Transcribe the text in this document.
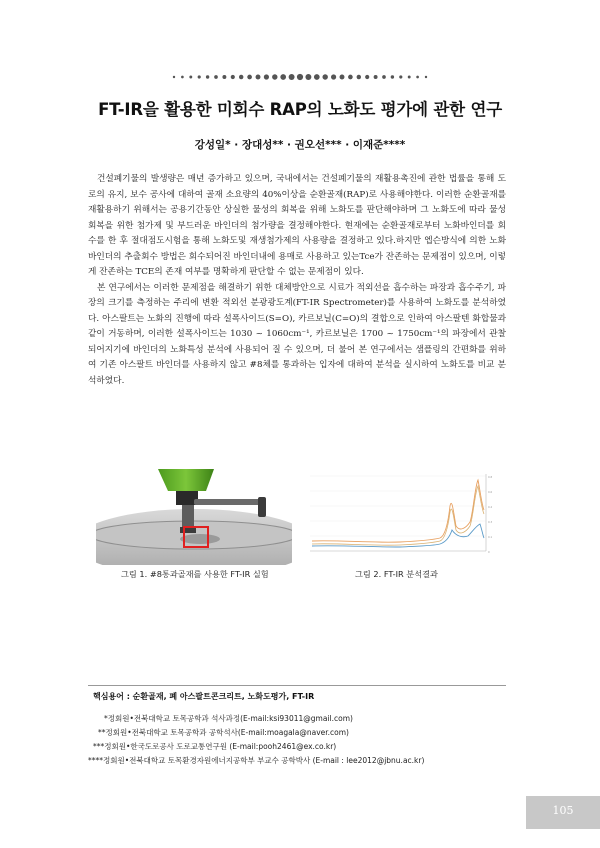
FT-IR을 활용한 미회수 RAP의 노화도 평가에 관한 연구
강성일* · 장대성** · 권오선*** · 이재준****

건설폐기물의 발생량은 매년 증가하고 있으며, 국내에서는 건설폐기물의 재활용촉진에 관한 법률을 통해 도로의 유지, 보수 공사에 대하여 골재 소요량의 40%이상을 순환골재(RAP)로 사용해야한다. 이러한 순환골재를 재활용하기 위해서는 공용기간동안 상실한 물성의 회복을 위해 노화도를 판단해야하며 그 노화도에 따라 물성회복을 위한 첨가제 및 부드러운 바인더의 첨가량을 결정해야한다. 현재에는 순환골재로부터 노화바인더를 회수를 한 후 절대점도시험을 통해 노화도및 재생첨가제의 사용량을 결정하고 있다.하지만 엡슨방식에 의한 노화 바인더의 추출회수 방법은 회수되어진 바인더내에 용매로 사용하고 있는Tce가 잔존하는 문제점이 있으며, 이렇게 잔존하는 TCE의 존재 여부를 명확하게 판단할 수 없는 문제점이 있다.

본 연구에서는 이러한 문제점을 해결하기 위한 대체방안으로 시료가 적외선을 흡수하는 파장과 흡수주기, 파장의 크기를 측정하는 주리에 변환 적외선 분광광도계(FT-IR Spectrometer)를 사용하여 노화도를 분석하였다. 아스팔트는 노화의 진행에 따라 설폭사이드(S=O), 카르보닐(C=O)의 결합으로 인하여 아스팔텐 화합물과 같이 거동하며, 이러한 설폭사이드는 1030 ~ 1060cm⁻¹, 카르보닐은 1700 ~ 1750cm⁻¹의 파장에서 관찰되어지기에 바인더의 노화특성 분석에 사용되어 질 수 있으며, 더 불어 본 연구에서는 샘플링의 간편화를 위하여 기존 아스팔트 바인더를 사용하지 않고 #8체를 통과하는 입자에 대하여 분석을 실시하여 노화도를 비교 분석하였다.

0.8
0.6
0.4
0.3
0.1
0
그림 1. #8통과골재를 사용한 FT-IR 실험	그림 2. FT-IR 분석결과
핵심용어 : 순환골재, 폐 아스팔트콘크리트, 노화도평가, FT-IR
*정회원•전북대학교 토목공학과 석사과정(E-mail:ksi93011@gmail.com)
**정회원•전북대학교 토목공학과 공학석사(E-mail:moagala@naver.com)
***정회원•한국도로공사 도로교통연구원 (E-mail:pooh2461@ex.co.kr)
****정회원•전북대학교 토목환경자원에너지공학부 부교수 공학박사 (E-mail : lee2012@jbnu.ac.kr)
105
